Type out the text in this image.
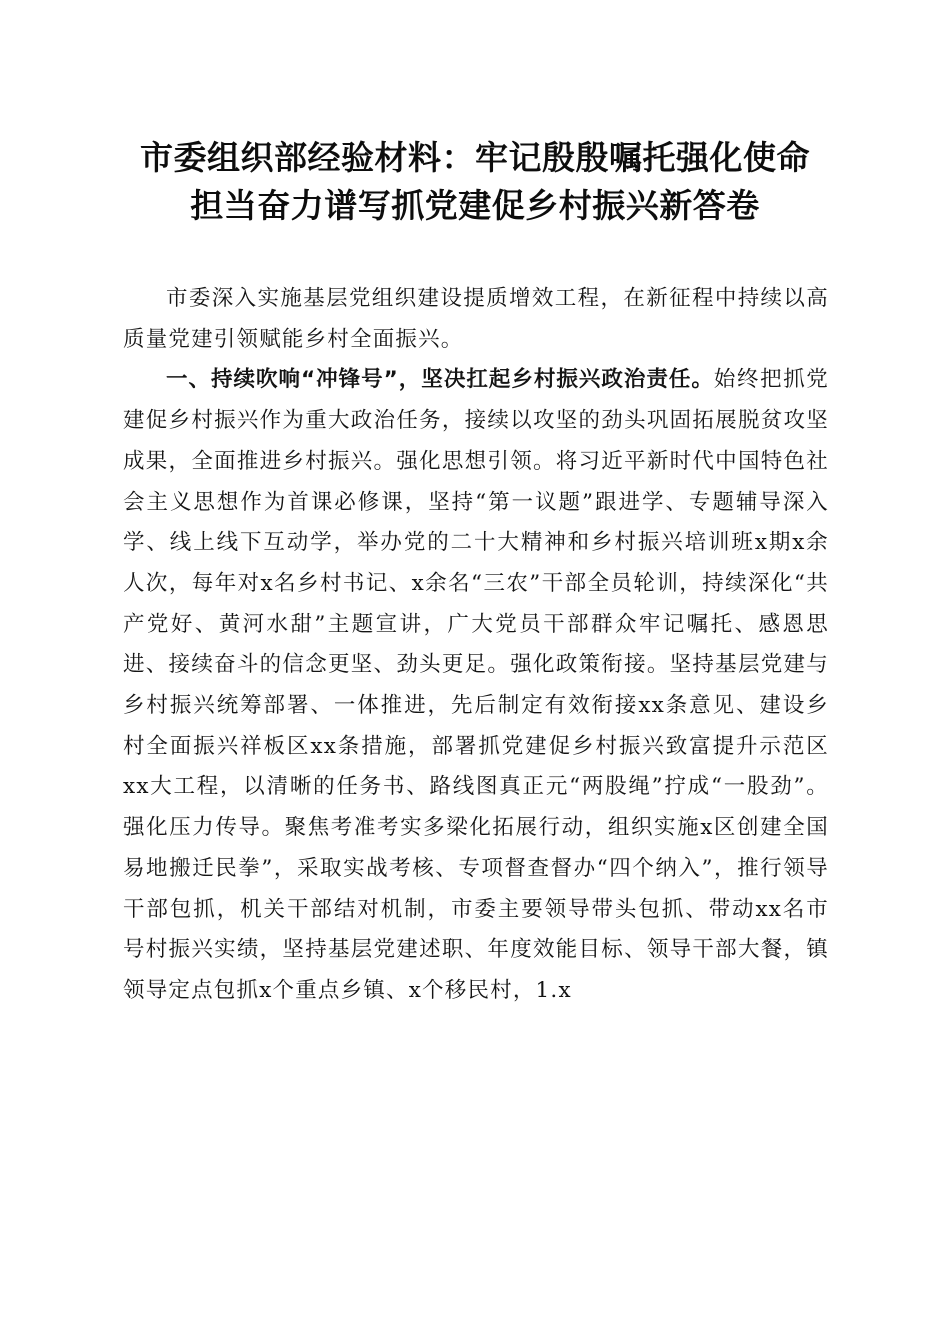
市委组织部经验材料：牢记殷殷嘱托强化使命
担当奋力谱写抓党建促乡村振兴新答卷

市委深入实施基层党组织建设提质增效工程，在新征程中持续以高质量党建引领赋能乡村全面振兴。

一、持续吹响“冲锋号”，坚决扛起乡村振兴政治责任。始终把抓党建促乡村振兴作为重大政治任务，接续以攻坚的劲头巩固拓展脱贫攻坚成果，全面推进乡村振兴。强化思想引领。将习近平新时代中国特色社会主义思想作为首课必修课，坚持“第一议题”跟进学、专题辅导深入学、线上线下互动学，举办党的二十大精神和乡村振兴培训班x期x余人次，每年对x名乡村书记、x余名“三农”干部全员轮训，持续深化“共产党好、黄河水甜”主题宣讲，广大党员干部群众牢记嘱托、感恩思进、接续奋斗的信念更坚、劲头更足。强化政策衔接。坚持基层党建与乡村振兴统筹部署、一体推进，先后制定有效衔接xx条意见、建设乡村全面振兴祥板区xx条措施，部署抓党建促乡村振兴致富提升示范区xx大工程，以清晰的任务书、路线图真正元“两股绳”拧成“一股劲”。强化压力传导。聚焦考准考实多梁化拓展行动，组织实施x区创建全国易地搬迁民拳”，采取实战考核、专项督查督办“四个纳入”，推行领导干部包抓，机关干部结对机制，市委主要领导带头包抓、带动xx名市号村振兴实绩，坚持基层党建述职、年度效能目标、领导干部大餐，镇领导定点包抓x个重点乡镇、x个移民村，1.x
